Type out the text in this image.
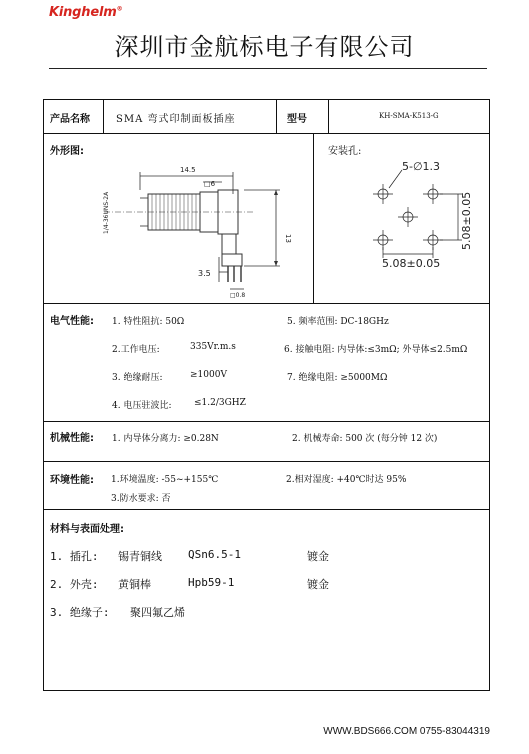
Kinghelm®
深圳市金航标电子有限公司
产品名称	SMA 弯式印制面板插座	型号	KH-SMA-K513-G
外形图:	安装孔:
14.5
□6
1/4-36UNS-2A
13
3.5
□0.8
5-∅1.3
5.08±0.05
5.08±0.05
电气性能: 1. 特性阻抗: 50Ω	5. 频率范围: DC-18GHz
2.工作电压:	335Vr.m.s	6. 接触电阻: 内导体:≤3mΩ; 外导体≤2.5mΩ
3. 绝缘耐压:	≥1000V	7. 绝缘电阻: ≥5000MΩ
4. 电压驻波比:	≤1.2/3GHZ
机械性能: 1. 内导体分离力: ≥0.28N	2. 机械寿命: 500 次 (每分钟 12 次)
环境性能: 1.环境温度: -55~+155℃	2.相对湿度: +40℃时达 95%
3.防水要求: 否
材料与表面处理:
1. 插孔: 锡青铜线 QSn6.5-1	镀金
2. 外壳: 黄铜棒	Hpb59-1	镀金
3. 绝缘子: 聚四氟乙烯
WWW.BDS666.COM 0755-83044319
